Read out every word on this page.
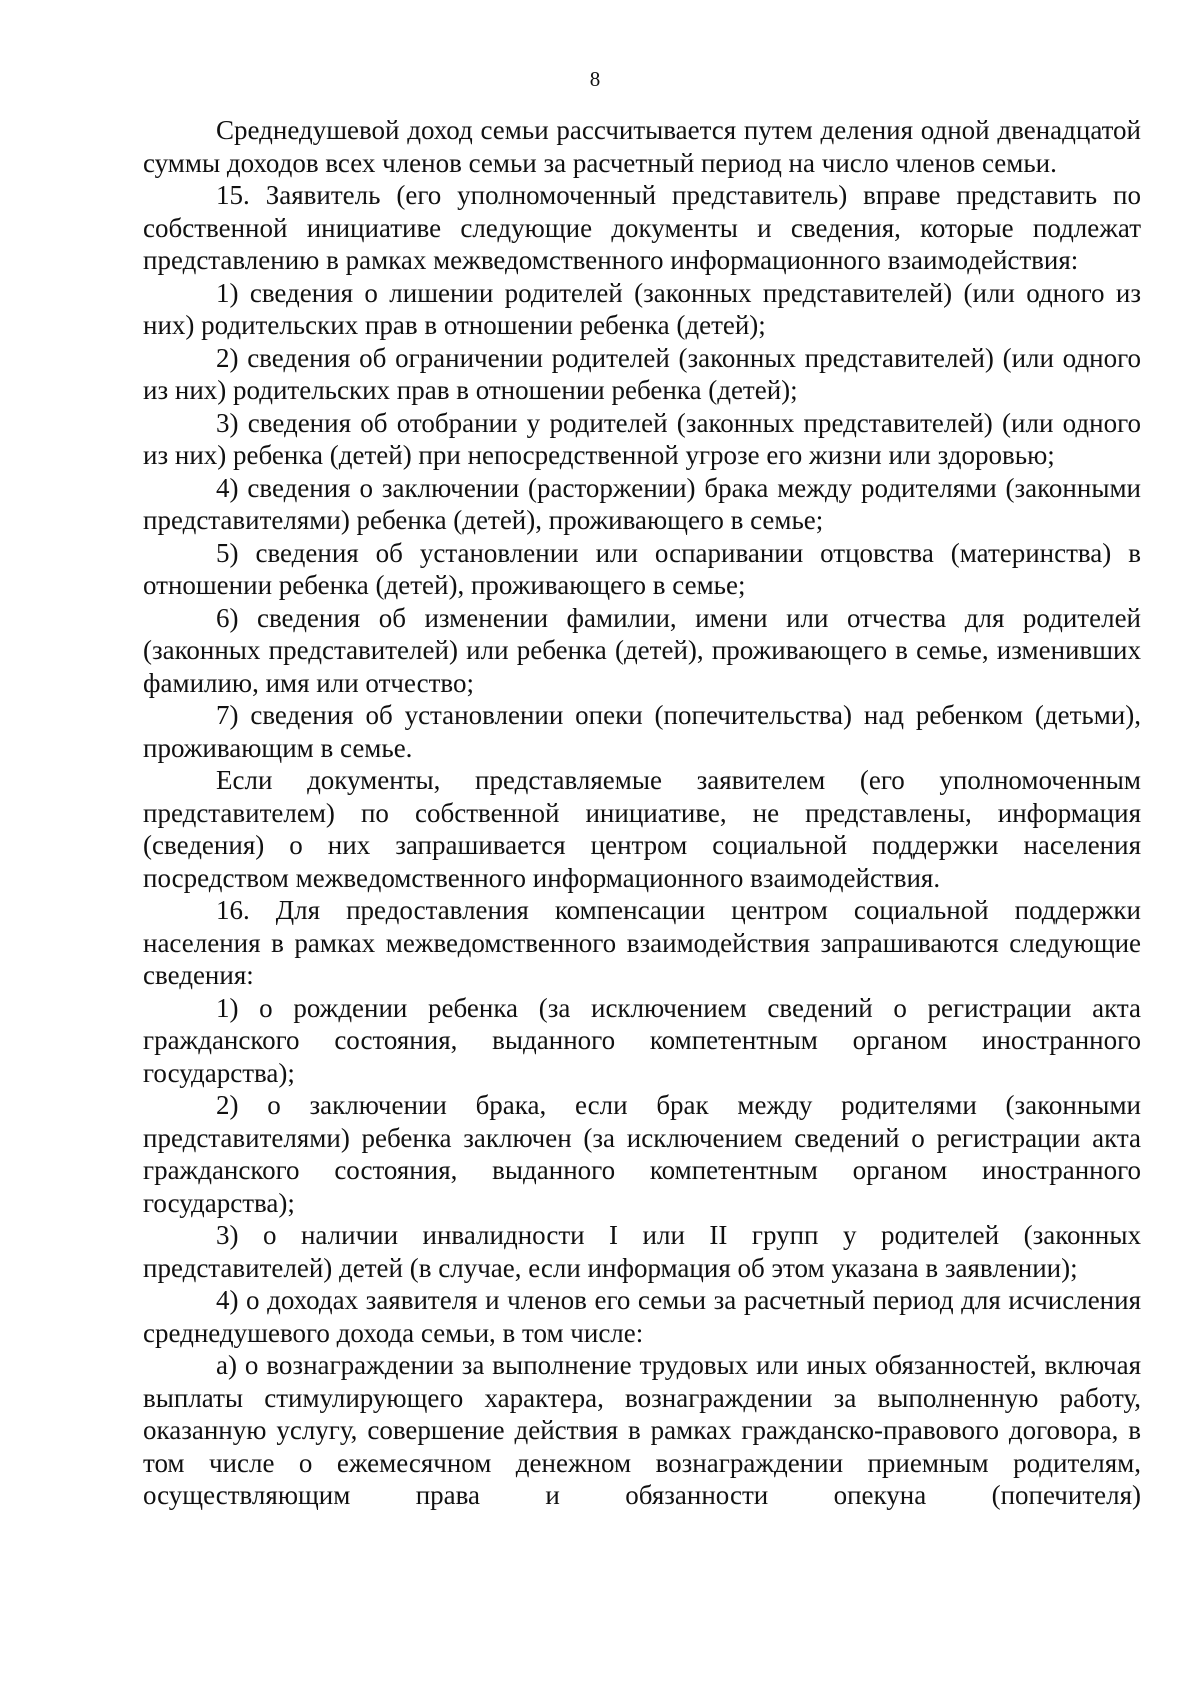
8

Среднедушевой доход семьи рассчитывается путем деления одной двенадцатой суммы доходов всех членов семьи за расчетный период на число членов семьи.

15. Заявитель (его уполномоченный представитель) вправе представить по собственной инициативе следующие документы и сведения, которые подлежат представлению в рамках межведомственного информационного взаимодействия:

1) сведения о лишении родителей (законных представителей) (или одного из них) родительских прав в отношении ребенка (детей);

2) сведения об ограничении родителей (законных представителей) (или одного из них) родительских прав в отношении ребенка (детей);

3) сведения об отобрании у родителей (законных представителей) (или одного из них) ребенка (детей) при непосредственной угрозе его жизни или здоровью;

4) сведения о заключении (расторжении) брака между родителями (законными представителями) ребенка (детей), проживающего в семье;

5) сведения об установлении или оспаривании отцовства (материнства) в отношении ребенка (детей), проживающего в семье;

6) сведения об изменении фамилии, имени или отчества для родителей (законных представителей) или ребенка (детей), проживающего в семье, изменивших фамилию, имя или отчество;

7) сведения об установлении опеки (попечительства) над ребенком (детьми), проживающим в семье.

Если документы, представляемые заявителем (его уполномоченным представителем) по собственной инициативе, не представлены, информация (сведения) о них запрашивается центром социальной поддержки населения посредством межведомственного информационного взаимодействия.

16. Для предоставления компенсации центром социальной поддержки населения в рамках межведомственного взаимодействия запрашиваются следующие сведения:

1) о рождении ребенка (за исключением сведений о регистрации акта гражданского состояния, выданного компетентным органом иностранного государства);

2) о заключении брака, если брак между родителями (законными представителями) ребенка заключен (за исключением сведений о регистрации акта гражданского состояния, выданного компетентным органом иностранного государства);

3) о наличии инвалидности I или II групп у родителей (законных представителей) детей (в случае, если информация об этом указана в заявлении);

4) о доходах заявителя и членов его семьи за расчетный период для исчисления среднедушевого дохода семьи, в том числе:

а) о вознаграждении за выполнение трудовых или иных обязанностей, включая выплаты стимулирующего характера, вознаграждении за выполненную работу, оказанную услугу, совершение действия в рамках гражданско-правового договора, в том числе о ежемесячном денежном вознаграждении приемным родителям, осуществляющим права и обязанности опекуна (попечителя)
